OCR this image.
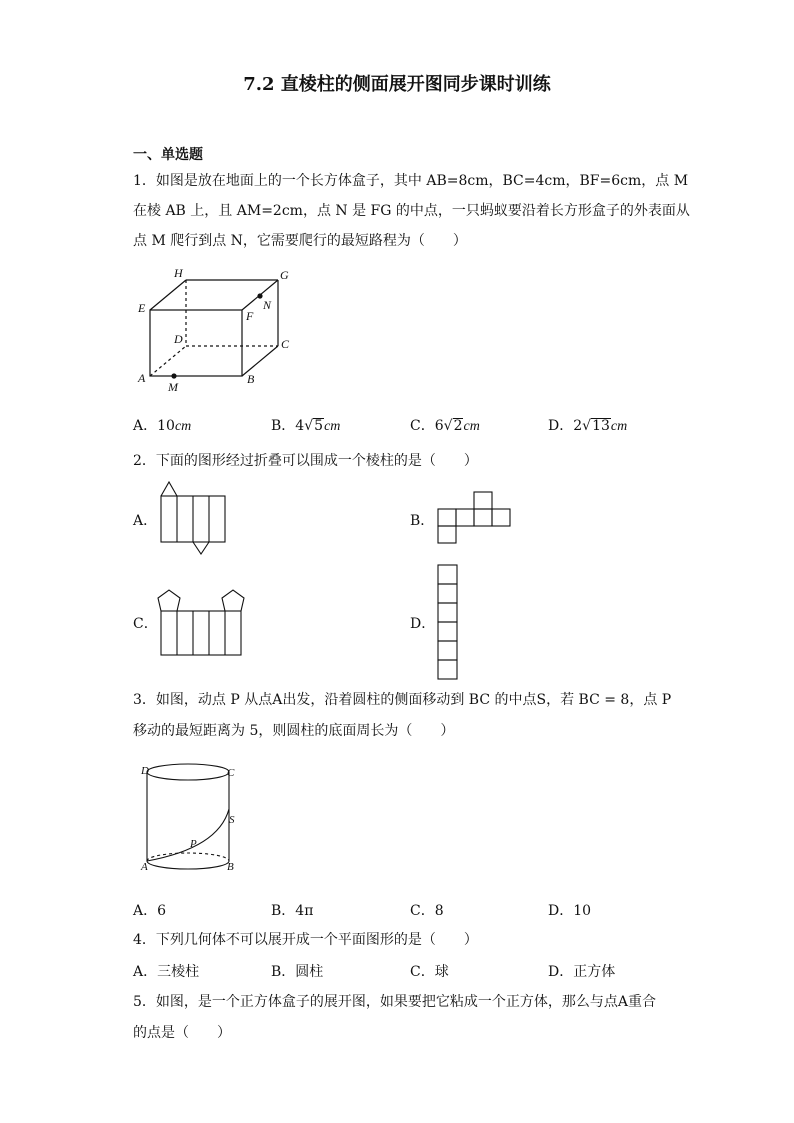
7.2 直棱柱的侧面展开图同步课时训练
一、单选题
1．如图是放在地面上的一个长方体盒子，其中 AB=8cm，BC=4cm，BF=6cm，点 M
在棱 AB 上，且 AM=2cm，点 N 是 FG 的中点，一只蚂蚁要沿着长方形盒子的外表面从
点 M 爬行到点 N，它需要爬行的最短路程为（　　）
H	G
E
F
N
D	C
A
M
B
A．10cm	B．4√5cm	C．6√2cm	D．2√13cm
2．下面的图形经过折叠可以围成一个棱柱的是（　　）
A．	B．
C．	D．
3．如图，动点 P 从点A出发，沿着圆柱的侧面移动到 BC 的中点S，若 BC = 8，点 P
移动的最短距离为 5，则圆柱的底面周长为（　　）
D	C
S
P
A	B
A．6	B．4π	C．8	D．10
4．下列几何体不可以展开成一个平面图形的是（　　）
A．三棱柱	B．圆柱	C．球	D．正方体
5．如图，是一个正方体盒子的展开图，如果要把它粘成一个正方体，那么与点A重合
的点是（　　）
